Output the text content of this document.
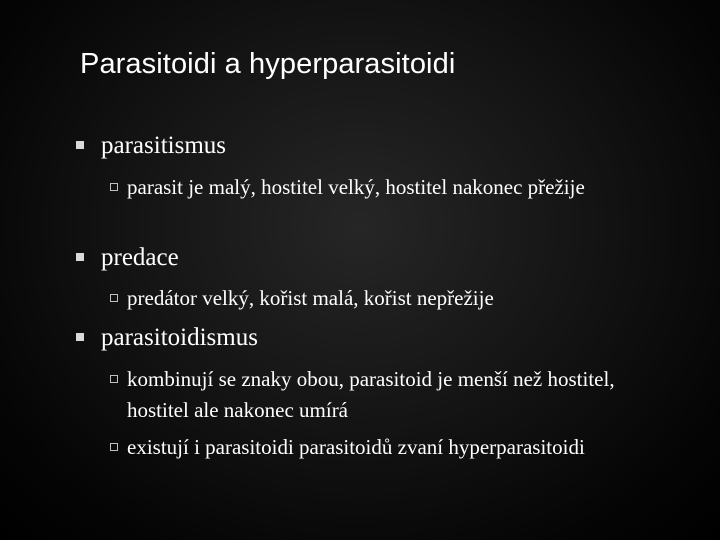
Parasitoidi a hyperparasitoidi
parasitismus
parasit je malý, hostitel velký, hostitel nakonec přežije
predace
predátor velký, kořist malá, kořist nepřežije
parasitoidismus
kombinují se znaky obou, parasitoid je menší než hostitel, hostitel ale nakonec umírá
existují i parasitoidi parasitoidů zvaní hyperparasitoidi
